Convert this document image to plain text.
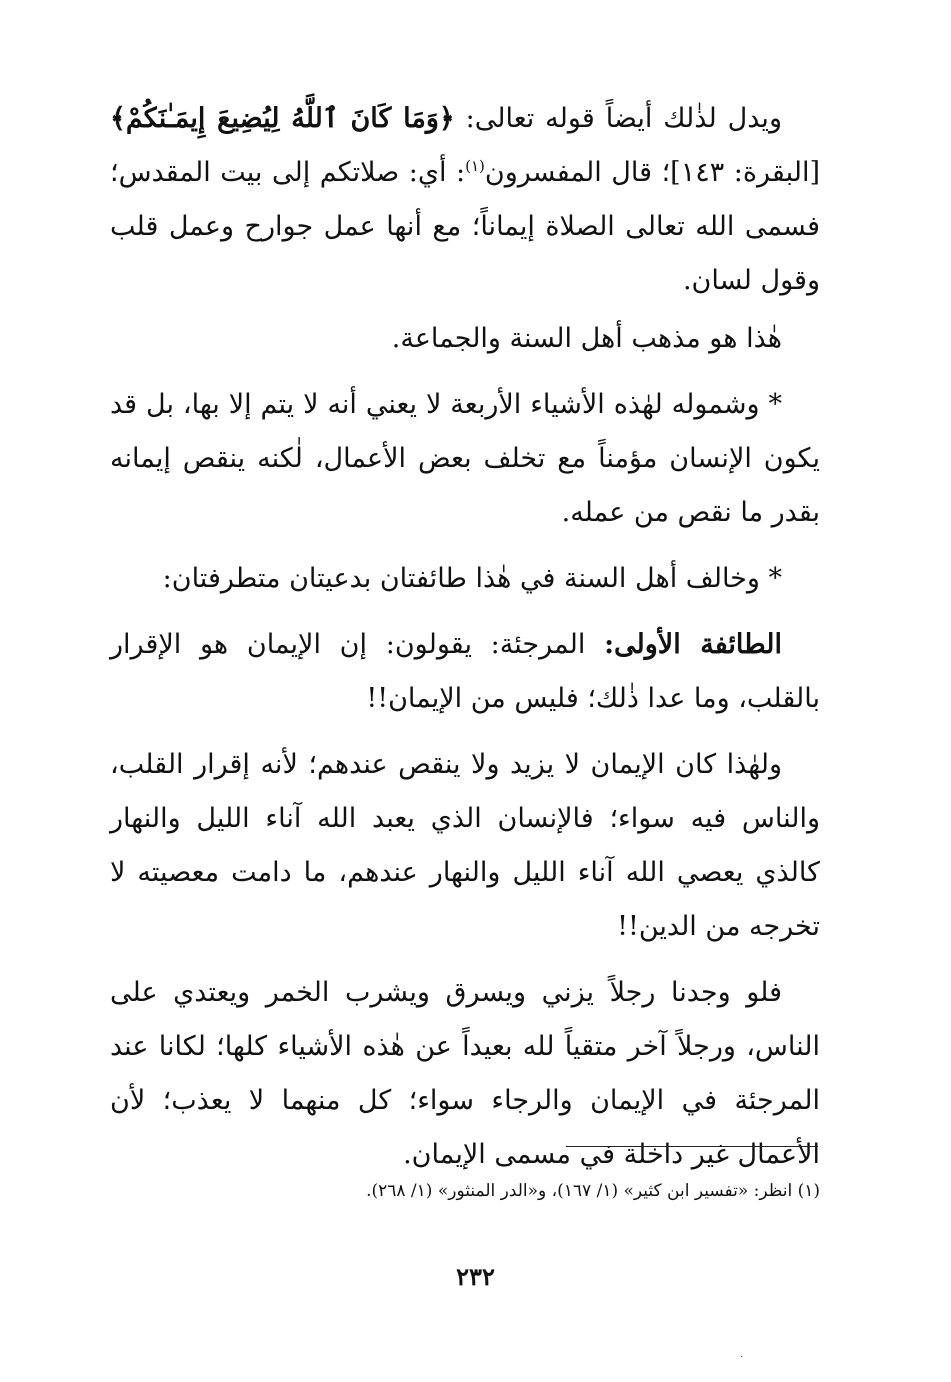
ويدل لذٰلك أيضاً قوله تعالى: ﴿وَمَا كَانَ ٱللَّهُ لِيُضِيعَ إِيمَـٰنَكُمْ﴾ [البقرة: ١٤٣]؛ قال المفسرون$^{(١)}$: أي: صلاتكم إلى بيت المقدس؛ فسمى الله تعالى الصلاة إيماناً؛ مع أنها عمل جوارح وعمل قلب وقول لسان.

هٰذا هو مذهب أهل السنة والجماعة.

* وشموله لهٰذه الأشياء الأربعة لا يعني أنه لا يتم إلا بها، بل قد يكون الإنسان مؤمناً مع تخلف بعض الأعمال، لٰكنه ينقص إيمانه بقدر ما نقص من عمله.

* وخالف أهل السنة في هٰذا طائفتان بدعيتان متطرفتان:

الطائفة الأولى: المرجئة: يقولون: إن الإيمان هو الإقرار بالقلب، وما عدا ذٰلك؛ فليس من الإيمان!!

ولهٰذا كان الإيمان لا يزيد ولا ينقص عندهم؛ لأنه إقرار القلب، والناس فيه سواء؛ فالإنسان الذي يعبد الله آناء الليل والنهار كالذي يعصي الله آناء الليل والنهار عندهم، ما دامت معصيته لا تخرجه من الدين!!

فلو وجدنا رجلاً يزني ويسرق ويشرب الخمر ويعتدي على الناس، ورجلاً آخر متقياً لله بعيداً عن هٰذه الأشياء كلها؛ لكانا عند المرجئة في الإيمان والرجاء سواء؛ كل منهما لا يعذب؛ لأن الأعمال غير داخلة في مسمى الإيمان.

(١) انظر: «تفسير ابن كثير» (١/ ١٦٧)، و«الدر المنثور» (١/ ٢٦٨).
٢٣٢
·
